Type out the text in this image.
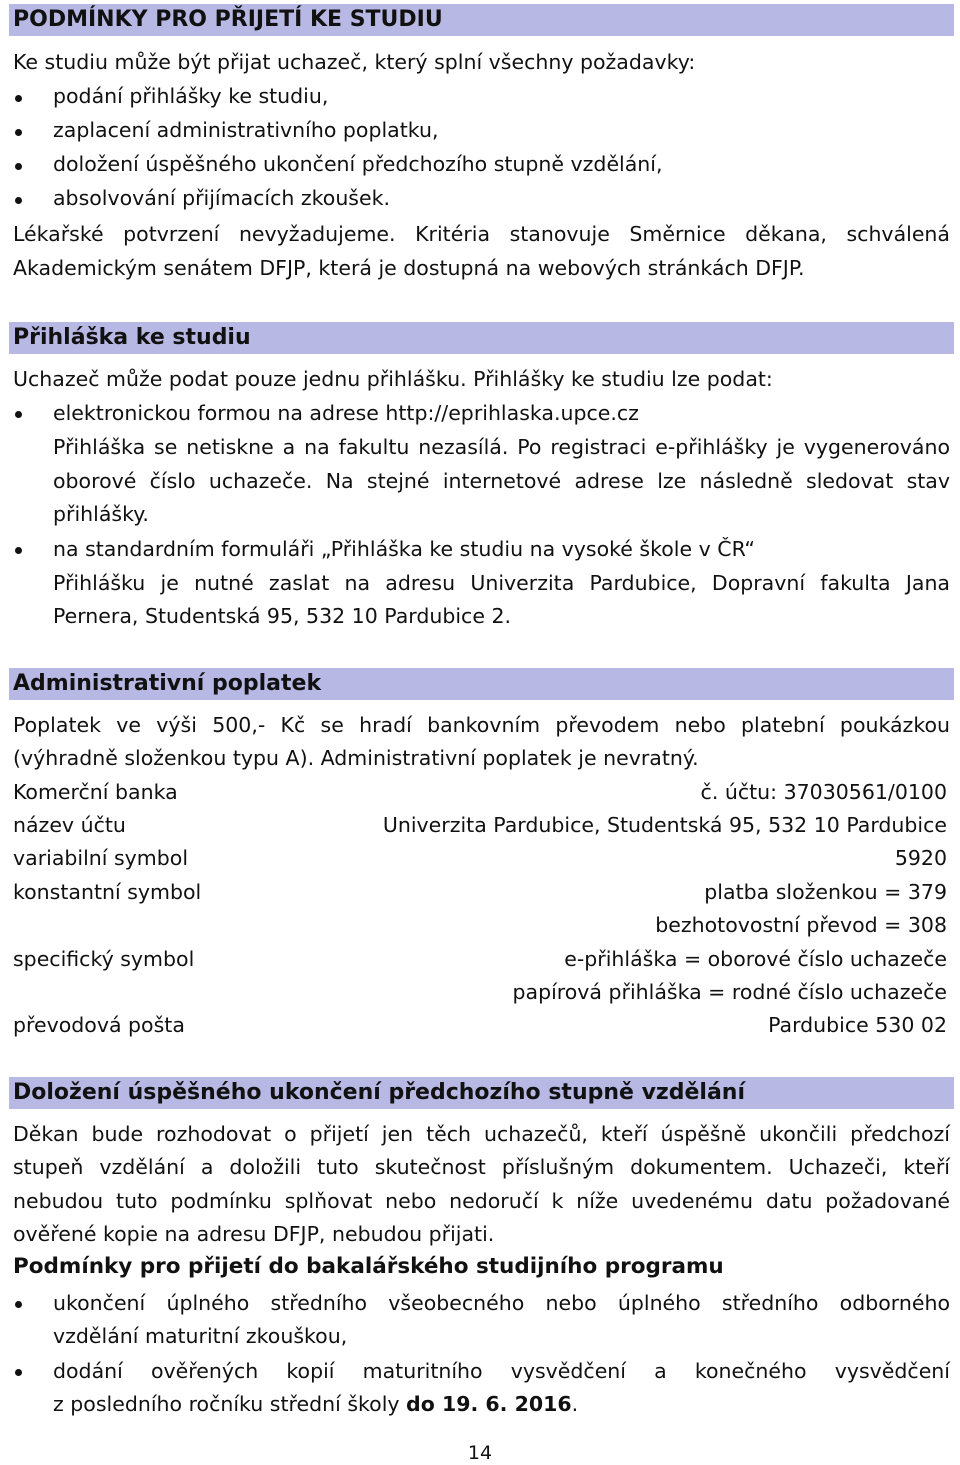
PODMÍNKY PRO PŘIJETÍ KE STUDIU
Ke studiu může být přijat uchazeč, který splní všechny požadavky:
podání přihlášky ke studiu,
zaplacení administrativního poplatku,
doložení úspěšného ukončení předchozího stupně vzdělání,
absolvování přijímacích zkoušek.
Lékařské potvrzení nevyžadujeme. Kritéria stanovuje Směrnice děkana, schválená
Akademickým senátem DFJP, která je dostupná na webových stránkách DFJP.
Přihláška ke studiu
Uchazeč může podat pouze jednu přihlášku. Přihlášky ke studiu lze podat:
elektronickou formou na adrese http://eprihlaska.upce.cz
Přihláška se netiskne a na fakultu nezasílá. Po registraci e-přihlášky je vygenerováno
oborové číslo uchazeče. Na stejné internetové adrese lze následně sledovat stav
přihlášky.
na standardním formuláři „Přihláška ke studiu na vysoké škole v ČR“
Přihlášku je nutné zaslat na adresu Univerzita Pardubice, Dopravní fakulta Jana
Pernera, Studentská 95, 532 10 Pardubice 2.
Administrativní poplatek
Poplatek ve výši 500,- Kč se hradí bankovním převodem nebo platební poukázkou
(výhradně složenkou typu A). Administrativní poplatek je nevratný.
Komerční banka	č. účtu: 37030561/0100
název účtu	Univerzita Pardubice, Studentská 95, 532 10 Pardubice
variabilní symbol	5920
konstantní symbol	platba složenkou = 379
bezhotovostní převod = 308
specifický symbol	e-přihláška = oborové číslo uchazeče
papírová přihláška = rodné číslo uchazeče
převodová pošta	Pardubice 530 02
Doložení úspěšného ukončení předchozího stupně vzdělání
Děkan bude rozhodovat o přijetí jen těch uchazečů, kteří úspěšně ukončili předchozí
stupeň vzdělání a doložili tuto skutečnost příslušným dokumentem. Uchazeči, kteří
nebudou tuto podmínku splňovat nebo nedoručí k níže uvedenému datu požadované
ověřené kopie na adresu DFJP, nebudou přijati.
Podmínky pro přijetí do bakalářského studijního programu
ukončení úplného středního všeobecného nebo úplného středního odborného
vzdělání maturitní zkouškou,
dodání ověřených kopií maturitního vysvědčení a konečného vysvědčení
z posledního ročníku střední školy do 19. 6. 2016.
14
